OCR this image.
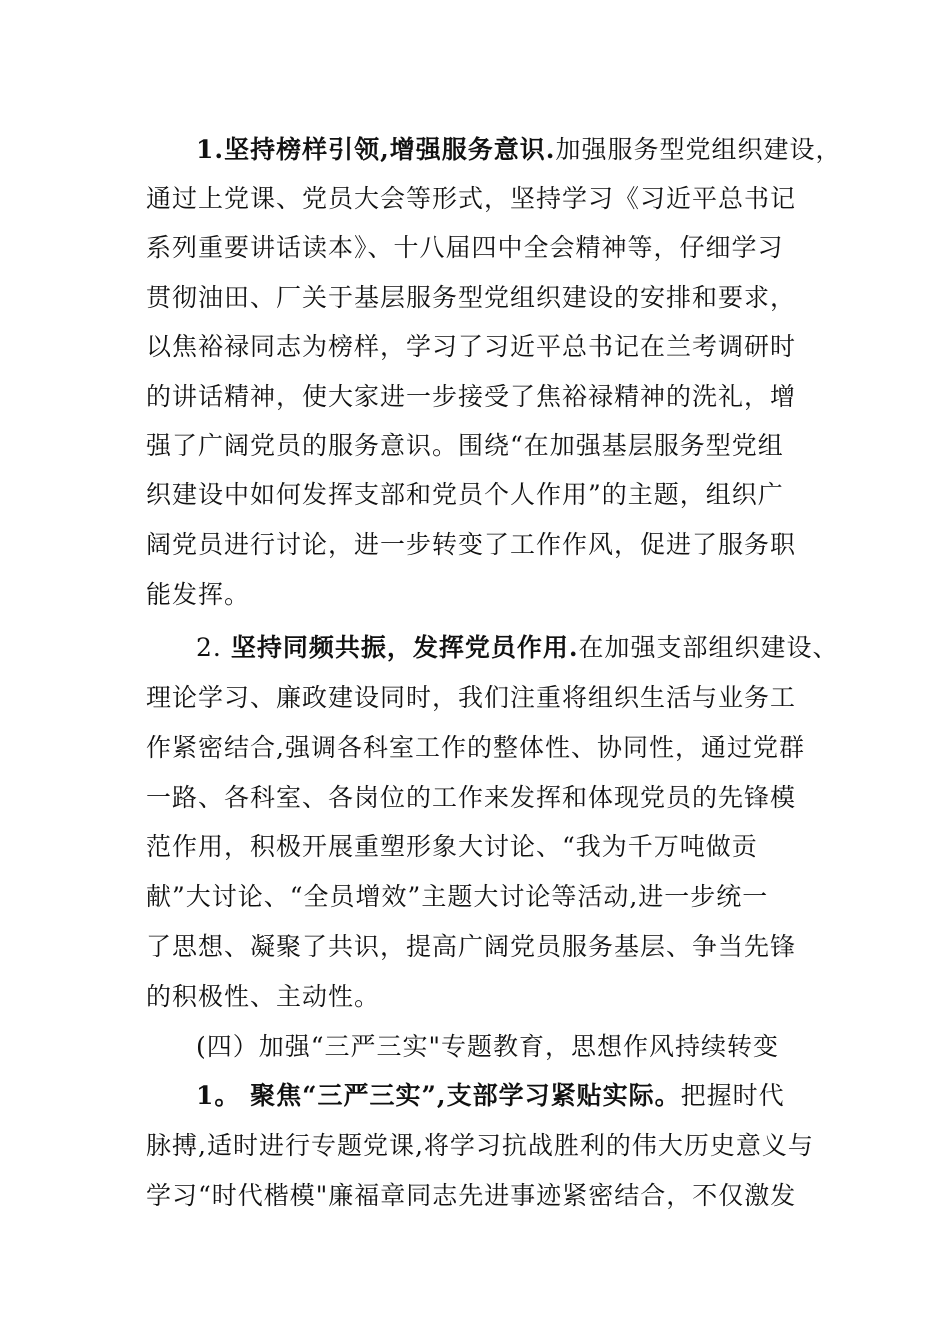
1.坚持榜样引领,增强服务意识.加强服务型党组织建设，
通过上党课、党员大会等形式，坚持学习《习近平总书记
系列重要讲话读本》、十八届四中全会精神等，仔细学习
贯彻油田、厂关于基层服务型党组织建设的安排和要求，
以焦裕禄同志为榜样，学习了习近平总书记在兰考调研时
的讲话精神，使大家进一步接受了焦裕禄精神的洗礼，增
强了广阔党员的服务意识。围绕“在加强基层服务型党组
织建设中如何发挥支部和党员个人作用”的主题，组织广
阔党员进行讨论，进一步转变了工作作风，促进了服务职
能发挥。
2. 坚持同频共振，发挥党员作用.在加强支部组织建设、
理论学习、廉政建设同时，我们注重将组织生活与业务工
作紧密结合,强调各科室工作的整体性、协同性，通过党群
一路、各科室、各岗位的工作来发挥和体现党员的先锋模
范作用，积极开展重塑形象大讨论、“我为千万吨做贡
献”大讨论、“全员增效”主题大讨论等活动,进一步统一
了思想、凝聚了共识，提高广阔党员服务基层、争当先锋
的积极性、主动性。
(四）加强“三严三实"专题教育，思想作风持续转变
1。 聚焦“三严三实”,支部学习紧贴实际。把握时代
脉搏,适时进行专题党课,将学习抗战胜利的伟大历史意义与
学习“时代楷模"廉福章同志先进事迹紧密结合，不仅激发
